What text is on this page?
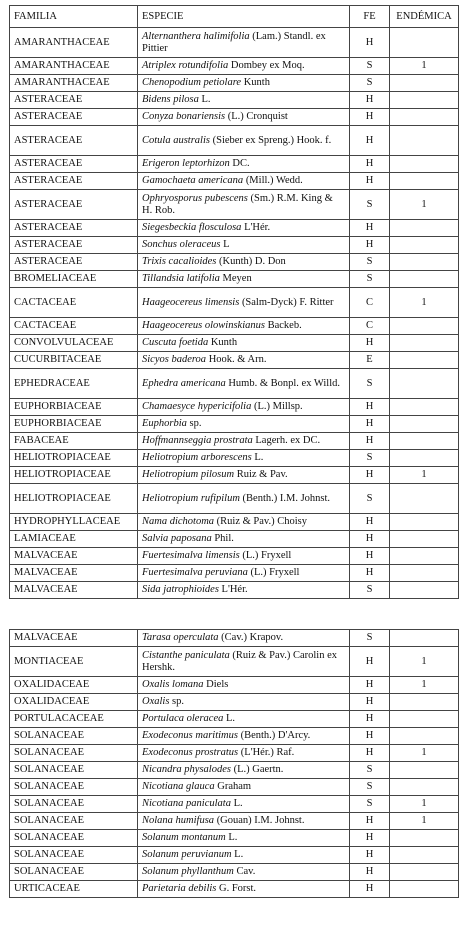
FAMILIA	ESPECIE	FE	ENDÉMICA
AMARANTHACEAE	Alternanthera halimifolia (Lam.) Standl. ex Pittier	H	
AMARANTHACEAE	Atriplex rotundifolia Dombey ex Moq.	S	1
AMARANTHACEAE	Chenopodium petiolare Kunth	S	
ASTERACEAE	Bidens pilosa L.	H	
ASTERACEAE	Conyza bonariensis (L.) Cronquist	H	
ASTERACEAE	Cotula australis (Sieber ex Spreng.) Hook. f.	H	
ASTERACEAE	Erigeron leptorhizon DC.	H	
ASTERACEAE	Gamochaeta americana (Mill.) Wedd.	H	
ASTERACEAE	Ophryosporus pubescens (Sm.) R.M. King & H. Rob.	S	1
ASTERACEAE	Siegesbeckia flosculosa L'Hér.	H	
ASTERACEAE	Sonchus oleraceus L	H	
ASTERACEAE	Trixis cacalioides (Kunth) D. Don	S	
BROMELIACEAE	Tillandsia latifolia Meyen	S	
CACTACEAE	Haageocereus limensis (Salm-Dyck) F. Ritter	C	1
CACTACEAE	Haageocereus olowinskianus Backeb.	C	
CONVOLVULACEAE	Cuscuta foetida Kunth	H	
CUCURBITACEAE	Sicyos baderoa Hook. & Arn.	E	
EPHEDRACEAE	Ephedra americana Humb. & Bonpl. ex Willd.	S	
EUPHORBIACEAE	Chamaesyce hypericifolia (L.) Millsp.	H	
EUPHORBIACEAE	Euphorbia sp.	H	
FABACEAE	Hoffmannseggia prostrata Lagerh. ex DC.	H	
HELIOTROPIACEAE	Heliotropium arborescens L.	S	
HELIOTROPIACEAE	Heliotropium pilosum Ruiz & Pav.	H	1
HELIOTROPIACEAE	Heliotropium rufipilum (Benth.) I.M. Johnst.	S	
HYDROPHYLLACEAE	Nama dichotoma (Ruiz & Pav.) Choisy	H	
LAMIACEAE	Salvia paposana Phil.	H	
MALVACEAE	Fuertesimalva limensis (L.) Fryxell	H	
MALVACEAE	Fuertesimalva peruviana (L.) Fryxell	H	
MALVACEAE	Sida jatrophioides L'Hér.	S	
MALVACEAE	Tarasa operculata (Cav.) Krapov.	S	
MONTIACEAE	Cistanthe paniculata (Ruiz & Pav.) Carolin ex Hershk.	H	1
OXALIDACEAE	Oxalis lomana Diels	H	1
OXALIDACEAE	Oxalis sp.	H	
PORTULACACEAE	Portulaca oleracea L.	H	
SOLANACEAE	Exodeconus maritimus (Benth.) D'Arcy.	H	
SOLANACEAE	Exodeconus prostratus (L'Hér.) Raf.	H	1
SOLANACEAE	Nicandra physalodes (L.) Gaertn.	S	
SOLANACEAE	Nicotiana glauca Graham	S	
SOLANACEAE	Nicotiana paniculata L.	S	1
SOLANACEAE	Nolana humifusa (Gouan) I.M. Johnst.	H	1
SOLANACEAE	Solanum montanum L.	H	
SOLANACEAE	Solanum peruvianum L.	H	
SOLANACEAE	Solanum phyllanthum Cav.	H	
URTICACEAE	Parietaria debilis G. Forst.	H	
